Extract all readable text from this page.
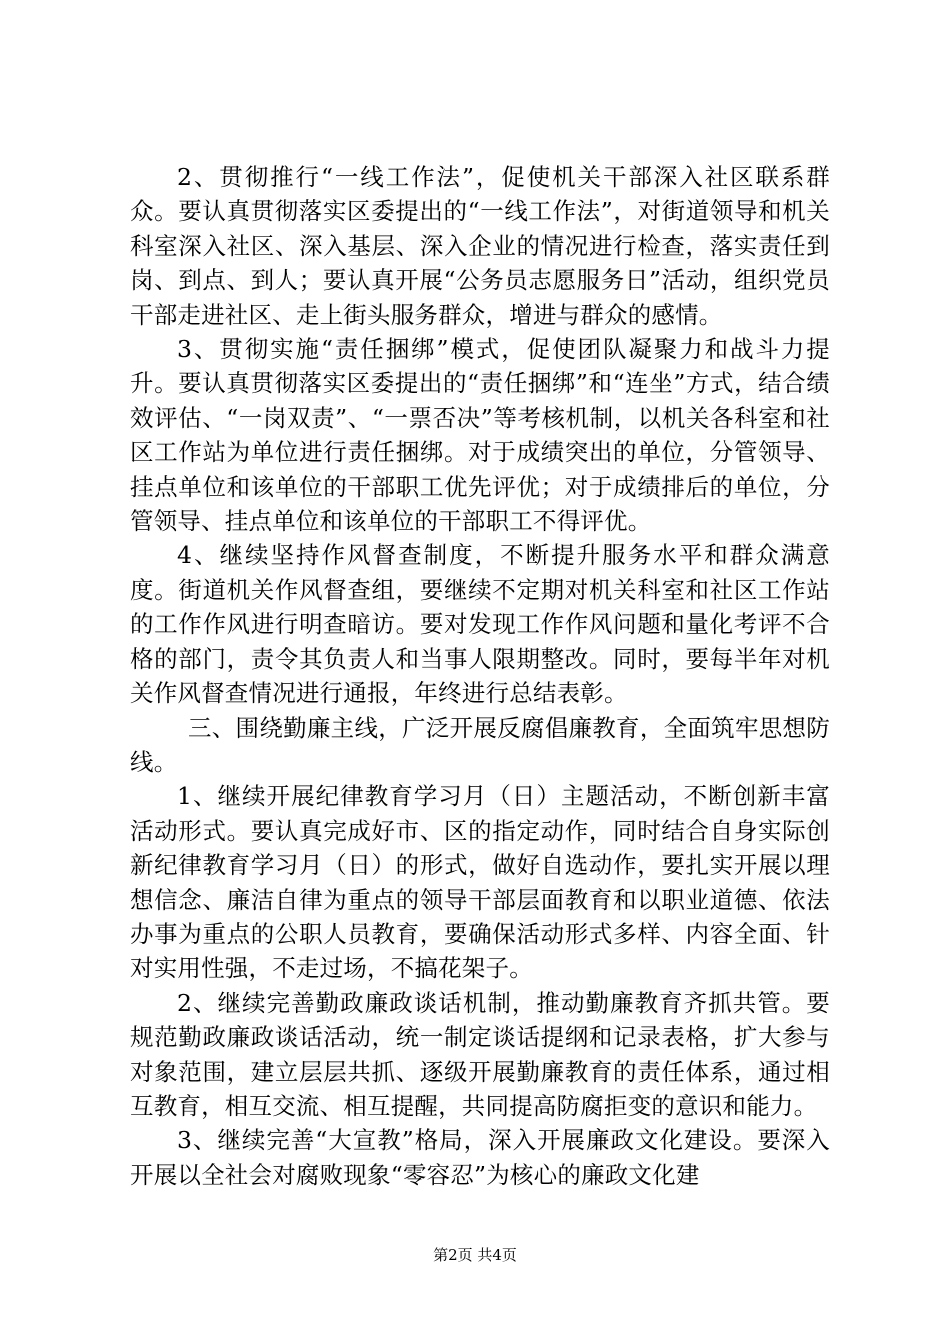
2、贯彻推行“一线工作法”，促使机关干部深入社区联系群众。要认真贯彻落实区委提出的“一线工作法”，对街道领导和机关科室深入社区、深入基层、深入企业的情况进行检查，落实责任到岗、到点、到人；要认真开展“公务员志愿服务日”活动，组织党员干部走进社区、走上街头服务群众，增进与群众的感情。

3、贯彻实施“责任捆绑”模式，促使团队凝聚力和战斗力提升。要认真贯彻落实区委提出的“责任捆绑”和“连坐”方式，结合绩效评估、“一岗双责”、“一票否决”等考核机制，以机关各科室和社区工作站为单位进行责任捆绑。对于成绩突出的单位，分管领导、挂点单位和该单位的干部职工优先评优；对于成绩排后的单位，分管领导、挂点单位和该单位的干部职工不得评优。

4、继续坚持作风督查制度，不断提升服务水平和群众满意度。街道机关作风督查组，要继续不定期对机关科室和社区工作站的工作作风进行明查暗访。要对发现工作作风问题和量化考评不合格的部门，责令其负责人和当事人限期整改。同时，要每半年对机关作风督查情况进行通报，年终进行总结表彰。

三、围绕勤廉主线，广泛开展反腐倡廉教育，全面筑牢思想防线。

1、继续开展纪律教育学习月（日）主题活动，不断创新丰富活动形式。要认真完成好市、区的指定动作，同时结合自身实际创新纪律教育学习月（日）的形式，做好自选动作，要扎实开展以理想信念、廉洁自律为重点的领导干部层面教育和以职业道德、依法办事为重点的公职人员教育，要确保活动形式多样、内容全面、针对实用性强，不走过场，不搞花架子。

2、继续完善勤政廉政谈话机制，推动勤廉教育齐抓共管。要规范勤政廉政谈话活动，统一制定谈话提纲和记录表格，扩大参与对象范围，建立层层共抓、逐级开展勤廉教育的责任体系，通过相互教育，相互交流、相互提醒，共同提高防腐拒变的意识和能力。

3、继续完善“大宣教”格局，深入开展廉政文化建设。要深入开展以全社会对腐败现象“零容忍”为核心的廉政文化建

第2页 共4页
